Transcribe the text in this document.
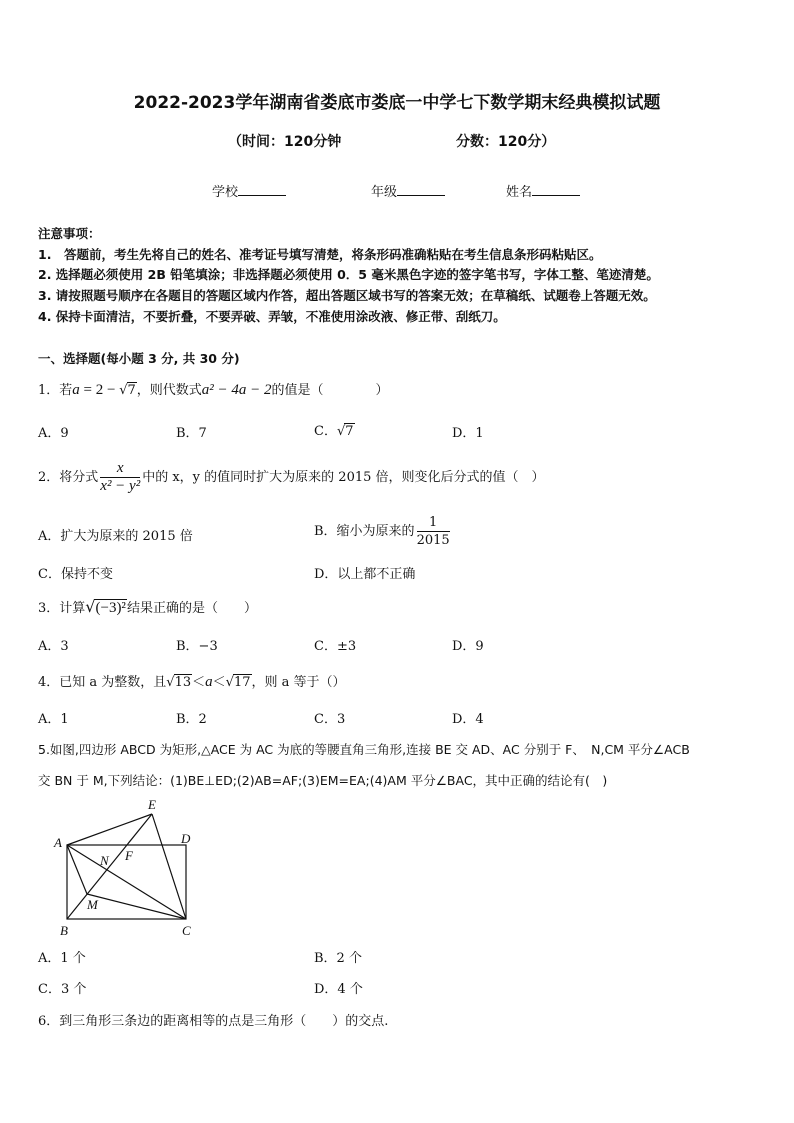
2022-2023学年湖南省娄底市娄底一中学七下数学期末经典模拟试题
（时间：120分钟	分数：120分）
学校	年级	姓名
注意事项：
1.　答题前，考生先将自己的姓名、准考证号填写清楚，将条形码准确粘贴在考生信息条形码粘贴区。
2. 选择题必须使用 2B 铅笔填涂；非选择题必须使用 0．5 毫米黑色字迹的签字笔书写，字体工整、笔迹清楚。
3. 请按照题号顺序在各题目的答题区域内作答，超出答题区域书写的答案无效；在草稿纸、试题卷上答题无效。
4. 保持卡面清洁，不要折叠，不要弄破、弄皱，不准使用涂改液、修正带、刮纸刀。
一、选择题(每小题 3 分, 共 30 分)
1．若a = 2 − √7，则代数式a² − 4a − 2的值是（　　　　）
A．9	B．7	C．√7	D．1
2．将分式 $\frac{x}{\text{x² − y²}}$ 中的 x，y 的值同时扩大为原来的 2015 倍，则变化后分式的值（　）
A．扩大为原来的 2015 倍	B．缩小为原来的 $\frac{1}{2015}$
C．保持不变	D．以上都不正确
3．计算√(−3)²结果正确的是（　　）
A．3	B．−3	C．±3	D．9
4．已知 a 为整数，且√13＜a＜√17，则 a 等于（）
A．1	B．2	C．3	D．4
5.如图,四边形 ABCD 为矩形,△ACE 为 AC 为底的等腰直角三角形,连接 BE 交 AD、AC 分别于 F、　N,CM 平分∠ACB
交 BN 于 M,下列结论：(1)BE⊥ED;(2)AB=AF;(3)EM=EA;(4)AM 平分∠BAC，其中正确的结论有(　)
E
A	D
N F
M
B	C
A．1 个	B．2 个
C．3 个	D．4 个
6．到三角形三条边的距离相等的点是三角形（　　）的交点.
